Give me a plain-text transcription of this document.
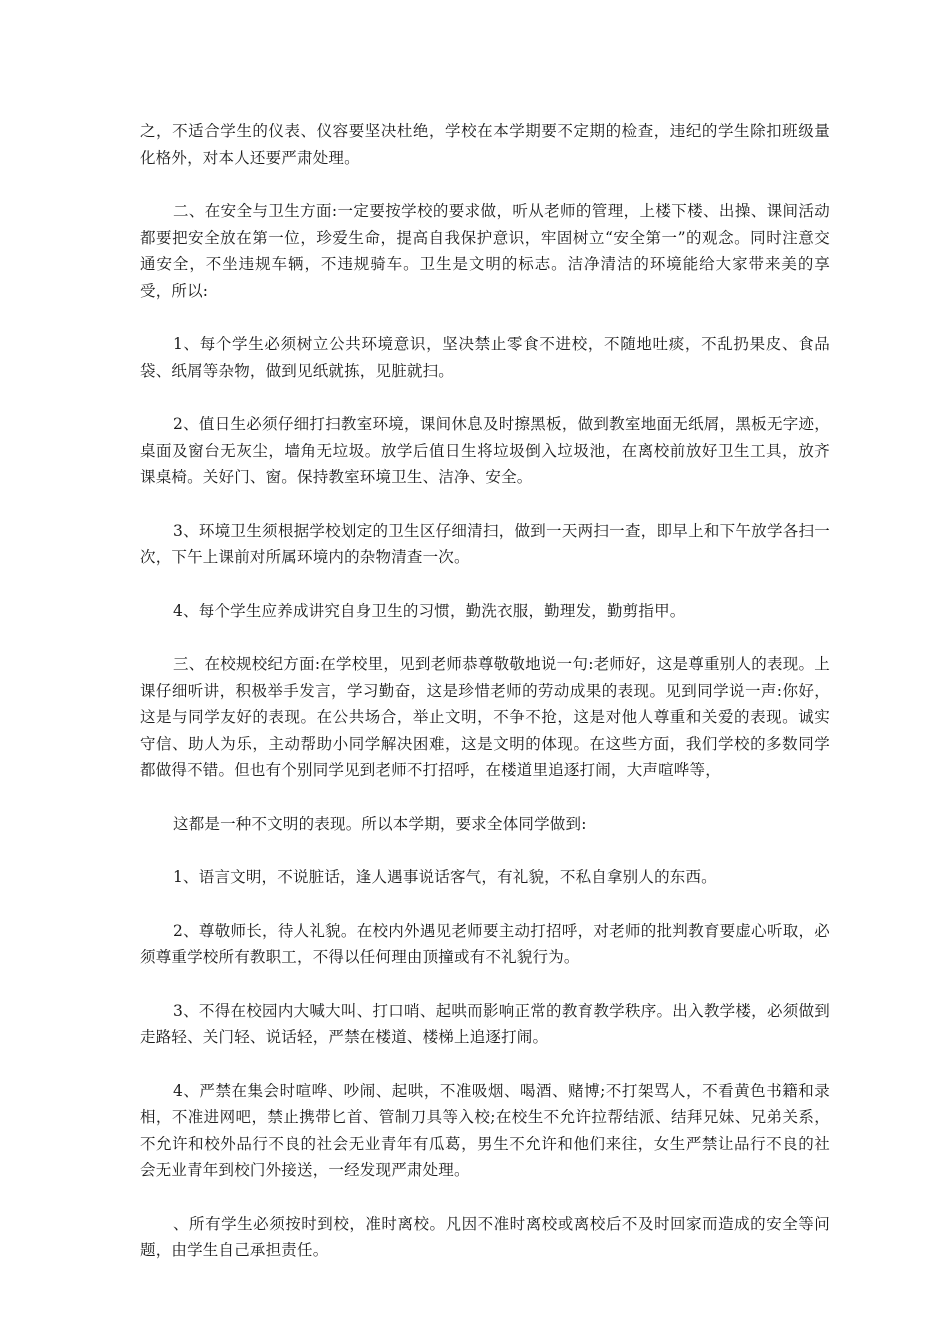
之，不适合学生的仪表、仪容要坚决杜绝，学校在本学期要不定期的检查，违纪的学生除扣班级量化格外，对本人还要严肃处理。

二、在安全与卫生方面:一定要按学校的要求做，听从老师的管理，上楼下楼、出操、课间活动都要把安全放在第一位，珍爱生命，提高自我保护意识，牢固树立“安全第一”的观念。同时注意交通安全，不坐违规车辆，不违规骑车。卫生是文明的标志。洁净清洁的环境能给大家带来美的享受，所以:

1、每个学生必须树立公共环境意识，坚决禁止零食不进校，不随地吐痰，不乱扔果皮、食品袋、纸屑等杂物，做到见纸就拣，见脏就扫。

2、值日生必须仔细打扫教室环境，课间休息及时擦黑板，做到教室地面无纸屑，黑板无字迹，桌面及窗台无灰尘，墙角无垃圾。放学后值日生将垃圾倒入垃圾池，在离校前放好卫生工具，放齐课桌椅。关好门、窗。保持教室环境卫生、洁净、安全。

3、环境卫生须根据学校划定的卫生区仔细清扫，做到一天两扫一查，即早上和下午放学各扫一次，下午上课前对所属环境内的杂物清查一次。

4、每个学生应养成讲究自身卫生的习惯，勤洗衣服，勤理发，勤剪指甲。

三、在校规校纪方面:在学校里，见到老师恭尊敬敬地说一句:老师好，这是尊重别人的表现。上课仔细听讲，积极举手发言，学习勤奋，这是珍惜老师的劳动成果的表现。见到同学说一声:你好，这是与同学友好的表现。在公共场合，举止文明，不争不抢，这是对他人尊重和关爱的表现。诚实守信、助人为乐，主动帮助小同学解决困难，这是文明的体现。在这些方面，我们学校的多数同学都做得不错。但也有个别同学见到老师不打招呼，在楼道里追逐打闹，大声喧哗等，

这都是一种不文明的表现。所以本学期，要求全体同学做到:

1、语言文明，不说脏话，逢人遇事说话客气，有礼貌，不私自拿别人的东西。

2、尊敬师长，待人礼貌。在校内外遇见老师要主动打招呼，对老师的批判教育要虚心听取，必须尊重学校所有教职工，不得以任何理由顶撞或有不礼貌行为。

3、不得在校园内大喊大叫、打口哨、起哄而影响正常的教育教学秩序。出入教学楼，必须做到走路轻、关门轻、说话轻，严禁在楼道、楼梯上追逐打闹。

4、严禁在集会时喧哗、吵闹、起哄，不准吸烟、喝酒、赌博;不打架骂人，不看黄色书籍和录相，不准进网吧，禁止携带匕首、管制刀具等入校;在校生不允许拉帮结派、结拜兄妹、兄弟关系，不允许和校外品行不良的社会无业青年有瓜葛，男生不允许和他们来往，女生严禁让品行不良的社会无业青年到校门外接送，一经发现严肃处理。

、所有学生必须按时到校，准时离校。凡因不准时离校或离校后不及时回家而造成的安全等问题，由学生自己承担责任。
